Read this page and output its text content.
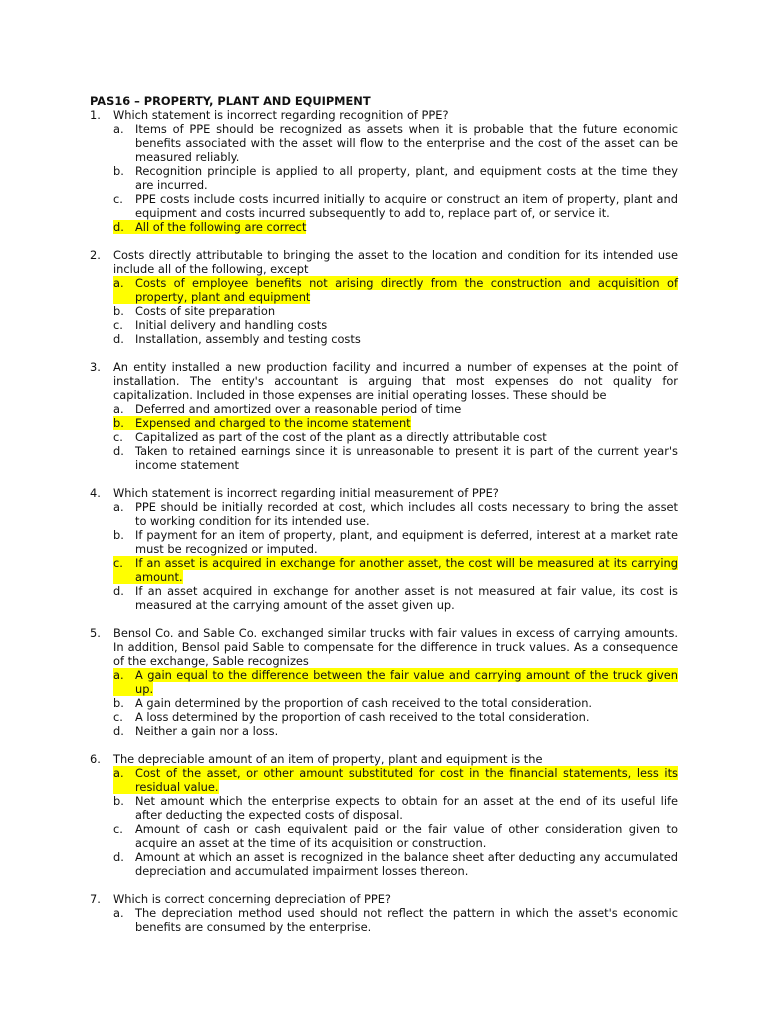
PAS16 – PROPERTY, PLANT AND EQUIPMENT
1.	Which statement is incorrect regarding recognition of PPE?
a. Items of PPE should be recognized as assets when it is probable that the future economic benefits associated with the asset will flow to the enterprise and the cost of the asset can be measured reliably.
b. Recognition principle is applied to all property, plant, and equipment costs at the time they are incurred.
c.	PPE costs include costs incurred initially to acquire or construct an item of property, plant and equipment and costs incurred subsequently to add to, replace part of, or service it.
d. All of the following are correct
2.	Costs directly attributable to bringing the asset to the location and condition for its intended use include all of the following, except
a. Costs of employee benefits not arising directly from the construction and acquisition of property, plant and equipment
b. Costs of site preparation
c.	Initial delivery and handling costs
d. Installation, assembly and testing costs
3.	An entity installed a new production facility and incurred a number of expenses at the point of installation. The entity's accountant is arguing that most expenses do not quality for capitalization. Included in those expenses are initial operating losses. These should be
a. Deferred and amortized over a reasonable period of time
b. Expensed and charged to the income statement
c.	Capitalized as part of the cost of the plant as a directly attributable cost
d. Taken to retained earnings since it is unreasonable to present it is part of the current year's income statement
4.	Which statement is incorrect regarding initial measurement of PPE?
a. PPE should be initially recorded at cost, which includes all costs necessary to bring the asset to working condition for its intended use.
b. If payment for an item of property, plant, and equipment is deferred, interest at a market rate must be recognized or imputed.
c.	If an asset is acquired in exchange for another asset, the cost will be measured at its carrying amount.
d. If an asset acquired in exchange for another asset is not measured at fair value, its cost is measured at the carrying amount of the asset given up.
5.	Bensol Co. and Sable Co. exchanged similar trucks with fair values in excess of carrying amounts. In addition, Bensol paid Sable to compensate for the difference in truck values. As a consequence of the exchange, Sable recognizes
a. A gain equal to the difference between the fair value and carrying amount of the truck given up.
b. A gain determined by the proportion of cash received to the total consideration.
c.	A loss determined by the proportion of cash received to the total consideration.
d. Neither a gain nor a loss.
6.	The depreciable amount of an item of property, plant and equipment is the
a. Cost of the asset, or other amount substituted for cost in the financial statements, less its residual value.
b. Net amount which the enterprise expects to obtain for an asset at the end of its useful life after deducting the expected costs of disposal.
c.	Amount of cash or cash equivalent paid or the fair value of other consideration given to acquire an asset at the time of its acquisition or construction.
d. Amount at which an asset is recognized in the balance sheet after deducting any accumulated depreciation and accumulated impairment losses thereon.
7.	Which is correct concerning depreciation of PPE?
a. The depreciation method used should not reflect the pattern in which the asset's economic benefits are consumed by the enterprise.
